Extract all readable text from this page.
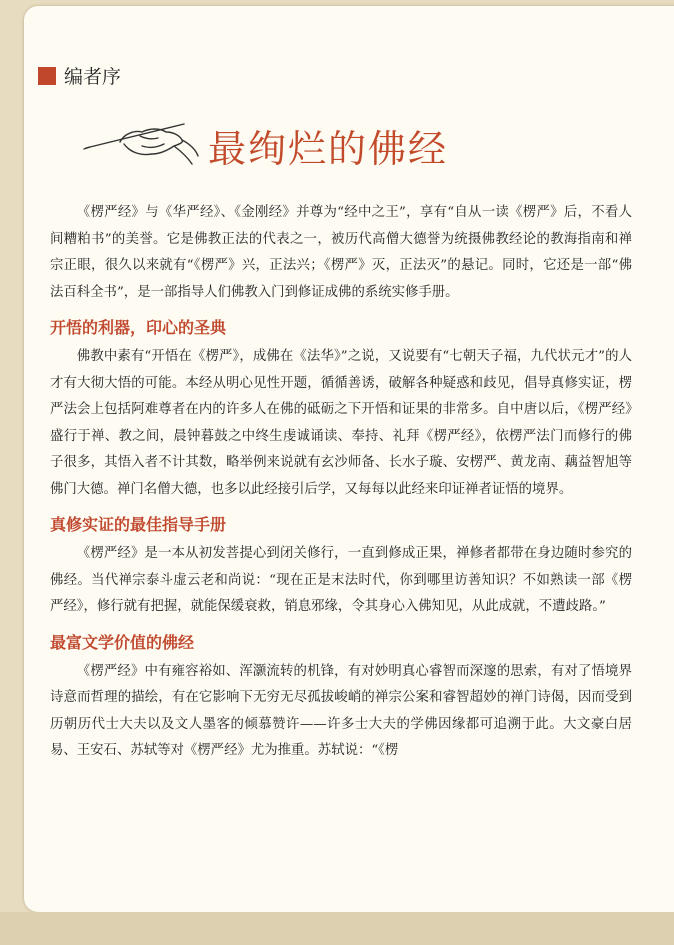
编者序
最绚烂的佛经

《楞严经》与《华严经》、《金刚经》并尊为“经中之王”，享有“自从一读《楞严》后，不看人间糟粕书”的美誉。它是佛教正法的代表之一，被历代高僧大德誉为统摄佛教经论的教海指南和禅宗正眼，很久以来就有“《楞严》兴，正法兴；《楞严》灭，正法灭”的悬记。同时，它还是一部“佛法百科全书”，是一部指导人们佛教入门到修证成佛的系统实修手册。

开悟的利器，印心的圣典

佛教中素有“开悟在《楞严》，成佛在《法华》”之说，又说要有“七朝天子福，九代状元才”的人才有大彻大悟的可能。本经从明心见性开题，循循善诱，破解各种疑惑和歧见，倡导真修实证，楞严法会上包括阿难尊者在内的许多人在佛的砥砺之下开悟和证果的非常多。自中唐以后，《楞严经》盛行于禅、教之间，晨钟暮鼓之中终生虔诚诵读、奉持、礼拜《楞严经》，依楞严法门而修行的佛子很多，其悟入者不计其数，略举例来说就有玄沙师备、长水子璇、安楞严、黄龙南、藕益智旭等佛门大德。禅门名僧大德，也多以此经接引后学，又每每以此经来印证禅者证悟的境界。

真修实证的最佳指导手册

《楞严经》是一本从初发菩提心到闭关修行，一直到修成正果，禅修者都带在身边随时参究的佛经。当代禅宗泰斗虚云老和尚说：“现在正是末法时代，你到哪里访善知识？不如熟读一部《楞严经》，修行就有把握，就能保缓衰救，销息邪缘，令其身心入佛知见，从此成就，不遭歧路。”

最富文学价值的佛经

《楞严经》中有雍容裕如、浑灏流转的机锋，有对妙明真心睿智而深邃的思索，有对了悟境界诗意而哲理的描绘，有在它影响下无穷无尽孤拔峻峭的禅宗公案和睿智超妙的禅门诗偈，因而受到历朝历代士大夫以及文人墨客的倾慕赞许——许多士大夫的学佛因缘都可追溯于此。大文豪白居易、王安石、苏轼等对《楞严经》尤为推重。苏轼说：“《楞
